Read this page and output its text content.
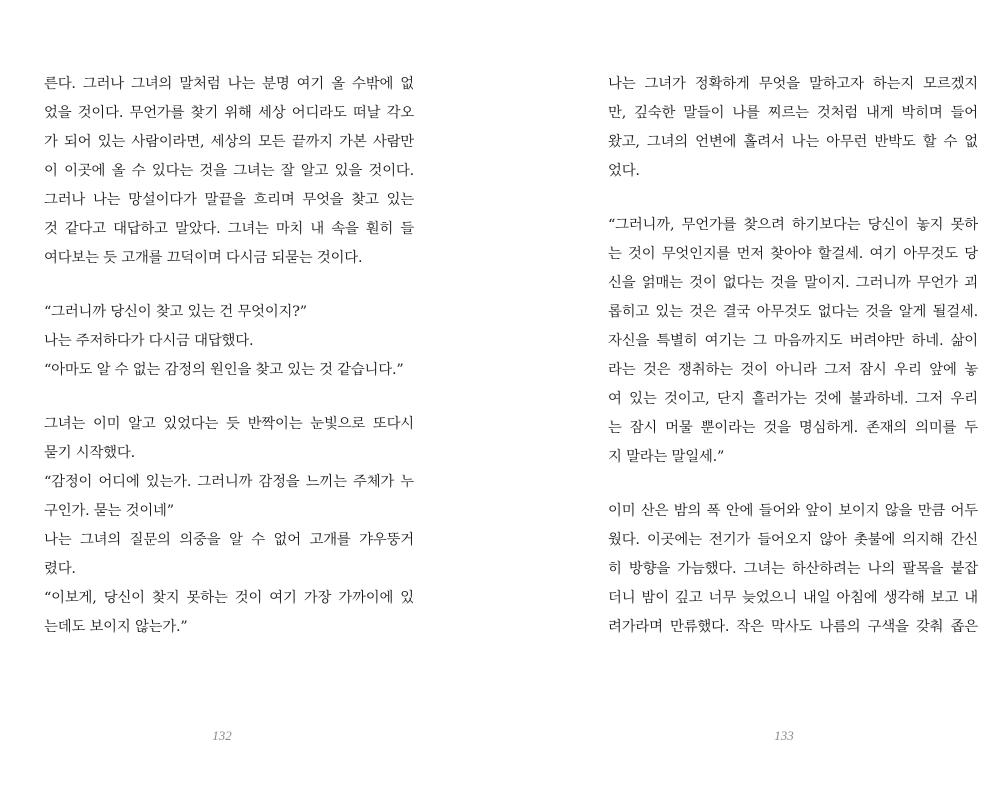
른다. 그러나 그녀의 말처럼 나는 분명 여기 올 수밖에 없
었을 것이다. 무언가를 찾기 위해 세상 어디라도 떠날 각오
가 되어 있는 사람이라면, 세상의 모든 끝까지 가본 사람만
이 이곳에 올 수 있다는 것을 그녀는 잘 알고 있을 것이다.
그러나 나는 망설이다가 말끝을 흐리며 무엇을 찾고 있는
것 같다고 대답하고 말았다. 그녀는 마치 내 속을 훤히 들
여다보는 듯 고개를 끄덕이며 다시금 되묻는 것이다.
“그러니까 당신이 찾고 있는 건 무엇이지?”
나는 주저하다가 다시금 대답했다.
“아마도 알 수 없는 감정의 원인을 찾고 있는 것 같습니다.”
그녀는 이미 알고 있었다는 듯 반짝이는 눈빛으로 또다시
묻기 시작했다.
“감정이 어디에 있는가. 그러니까 감정을 느끼는 주체가 누
구인가. 묻는 것이네”
나는 그녀의 질문의 의중을 알 수 없어 고개를 갸우뚱거
렸다.
“이보게, 당신이 찾지 못하는 것이 여기 가장 가까이에 있
는데도 보이지 않는가.”
나는 그녀가 정확하게 무엇을 말하고자 하는지 모르겠지
만, 깊숙한 말들이 나를 찌르는 것처럼 내게 박히며 들어
왔고, 그녀의 언변에 홀려서 나는 아무런 반박도 할 수 없
었다.
“그러니까, 무언가를 찾으려 하기보다는 당신이 놓지 못하
는 것이 무엇인지를 먼저 찾아야 할걸세. 여기 아무것도 당
신을 얽매는 것이 없다는 것을 말이지. 그러니까 무언가 괴
롭히고 있는 것은 결국 아무것도 없다는 것을 알게 될걸세.
자신을 특별히 여기는 그 마음까지도 버려야만 하네. 삶이
라는 것은 쟁취하는 것이 아니라 그저 잠시 우리 앞에 놓
여 있는 것이고, 단지 흘러가는 것에 불과하네. 그저 우리
는 잠시 머물 뿐이라는 것을 명심하게. 존재의 의미를 두
지 말라는 말일세.”
이미 산은 밤의 폭 안에 들어와 앞이 보이지 않을 만큼 어두
웠다. 이곳에는 전기가 들어오지 않아 촛불에 의지해 간신
히 방향을 가늠했다. 그녀는 하산하려는 나의 팔목을 붙잡
더니 밤이 깊고 너무 늦었으니 내일 아침에 생각해 보고 내
려가라며 만류했다. 작은 막사도 나름의 구색을 갖춰 좁은
132	133
